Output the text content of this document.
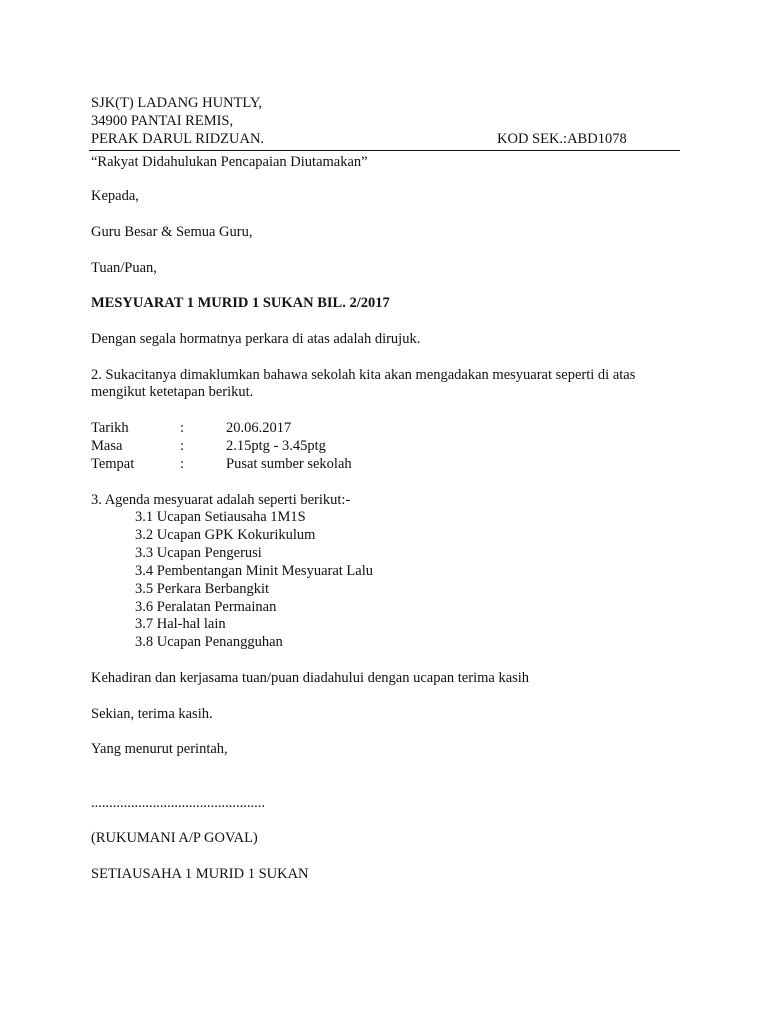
SJK(T) LADANG HUNTLY,
34900 PANTAI REMIS,
PERAK DARUL RIDZUAN.	KOD SEK.:ABD1078
“Rakyat Didahulukan Pencapaian Diutamakan”
Kepada,
Guru Besar & Semua Guru,
Tuan/Puan,
MESYUARAT 1 MURID 1 SUKAN BIL. 2/2017
Dengan segala hormatnya perkara di atas adalah dirujuk.
2. Sukacitanya dimaklumkan bahawa sekolah kita akan mengadakan mesyuarat seperti di atas
mengikut ketetapan berikut.
Tarikh	:	20.06.2017
Masa	:	2.15ptg - 3.45ptg
Tempat	:	Pusat sumber sekolah
3. Agenda mesyuarat adalah seperti berikut:-
3.1 Ucapan Setiausaha 1M1S
3.2 Ucapan GPK Kokurikulum
3.3 Ucapan Pengerusi
3.4 Pembentangan Minit Mesyuarat Lalu
3.5 Perkara Berbangkit
3.6 Peralatan Permainan
3.7 Hal-hal lain
3.8 Ucapan Penangguhan
Kehadiran dan kerjasama tuan/puan diadahului dengan ucapan terima kasih
Sekian, terima kasih.
Yang menurut perintah,
................................................
(RUKUMANI A/P GOVAL)
SETIAUSAHA 1 MURID 1 SUKAN
